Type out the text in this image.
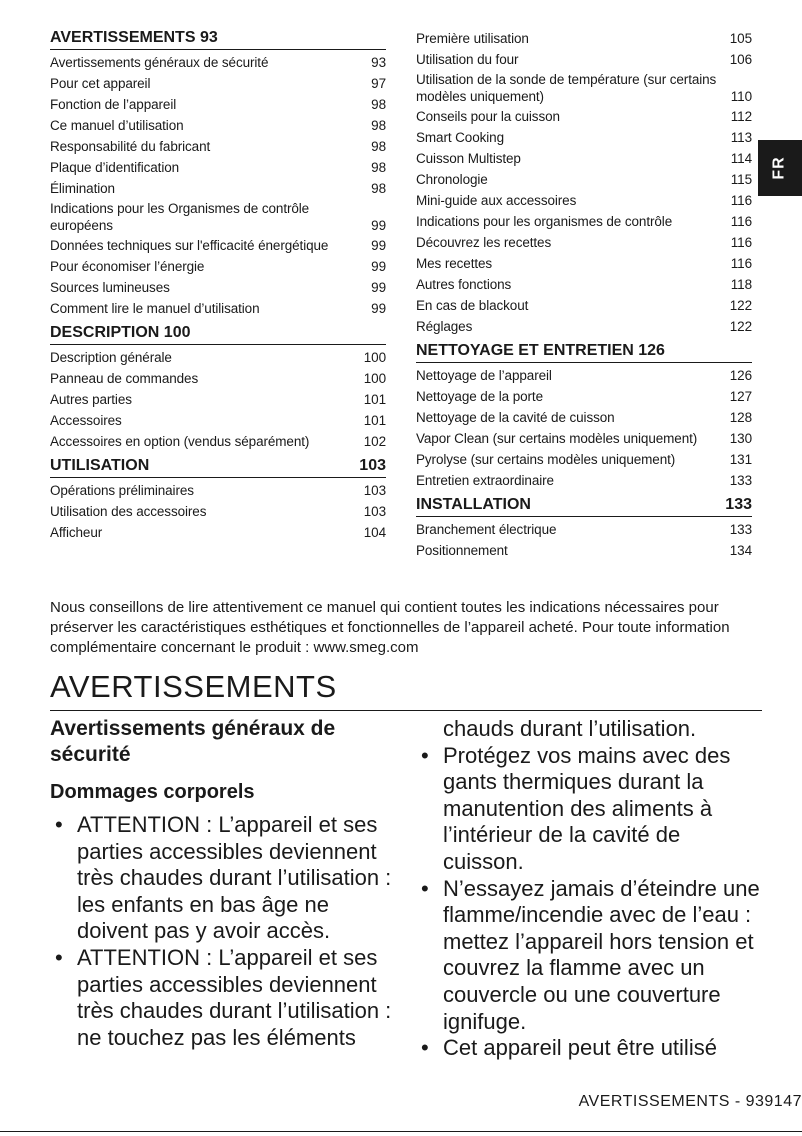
AVERTISSEMENTS 93
Avertissements généraux de sécurité	93
Pour cet appareil	97
Fonction de l’appareil	98
Ce manuel d’utilisation	98
Responsabilité du fabricant	98
Plaque d’identification	98
Élimination	98
Indications pour les Organismes de contrôle européens	99
Données techniques sur l'efficacité énergétique	99
Pour économiser l’énergie	99
Sources lumineuses	99
Comment lire le manuel d’utilisation	99
DESCRIPTION 100
Description générale	100
Panneau de commandes	100
Autres parties	101
Accessoires	101
Accessoires en option (vendus séparément)	102
UTILISATION	103
Opérations préliminaires	103
Utilisation des accessoires	103
Afficheur	104
Première utilisation	105
Utilisation du four	106
Utilisation de la sonde de température (sur certains modèles uniquement)	110
Conseils pour la cuisson	112
Smart Cooking	113
Cuisson Multistep	114
Chronologie	115
Mini-guide aux accessoires	116
Indications pour les organismes de contrôle	116
Découvrez les recettes	116
Mes recettes	116
Autres fonctions	118
En cas de blackout	122
Réglages	122
NETTOYAGE ET ENTRETIEN 126
Nettoyage de l’appareil	126
Nettoyage de la porte	127
Nettoyage de la cavité de cuisson	128
Vapor Clean (sur certains modèles uniquement)	130
Pyrolyse (sur certains modèles uniquement)	131
Entretien extraordinaire	133
INSTALLATION	133
Branchement électrique	133
Positionnement	134
FR

Nous conseillons de lire attentivement ce manuel qui contient toutes les indications nécessaires pour préserver les caractéristiques esthétiques et fonctionnelles de l’appareil acheté. Pour toute information complémentaire concernant le produit : www.smeg.com

AVERTISSEMENTS
Avertissements généraux de sécurité
Dommages corporels
• ATTENTION : L’appareil et ses parties accessibles deviennent très chaudes durant l’utilisation : les enfants en bas âge ne doivent pas y avoir accès.
• ATTENTION : L’appareil et ses parties accessibles deviennent très chaudes durant l’utilisation : ne touchez pas les éléments

chauds durant l’utilisation.

• Protégez vos mains avec des gants thermiques durant la manutention des aliments à l’intérieur de la cavité de cuisson.
• N’essayez jamais d’éteindre une flamme/incendie avec de l’eau : mettez l’appareil hors tension et couvrez la flamme avec un couvercle ou une couverture ignifuge.
• Cet appareil peut être utilisé
AVERTISSEMENTS - 939147
